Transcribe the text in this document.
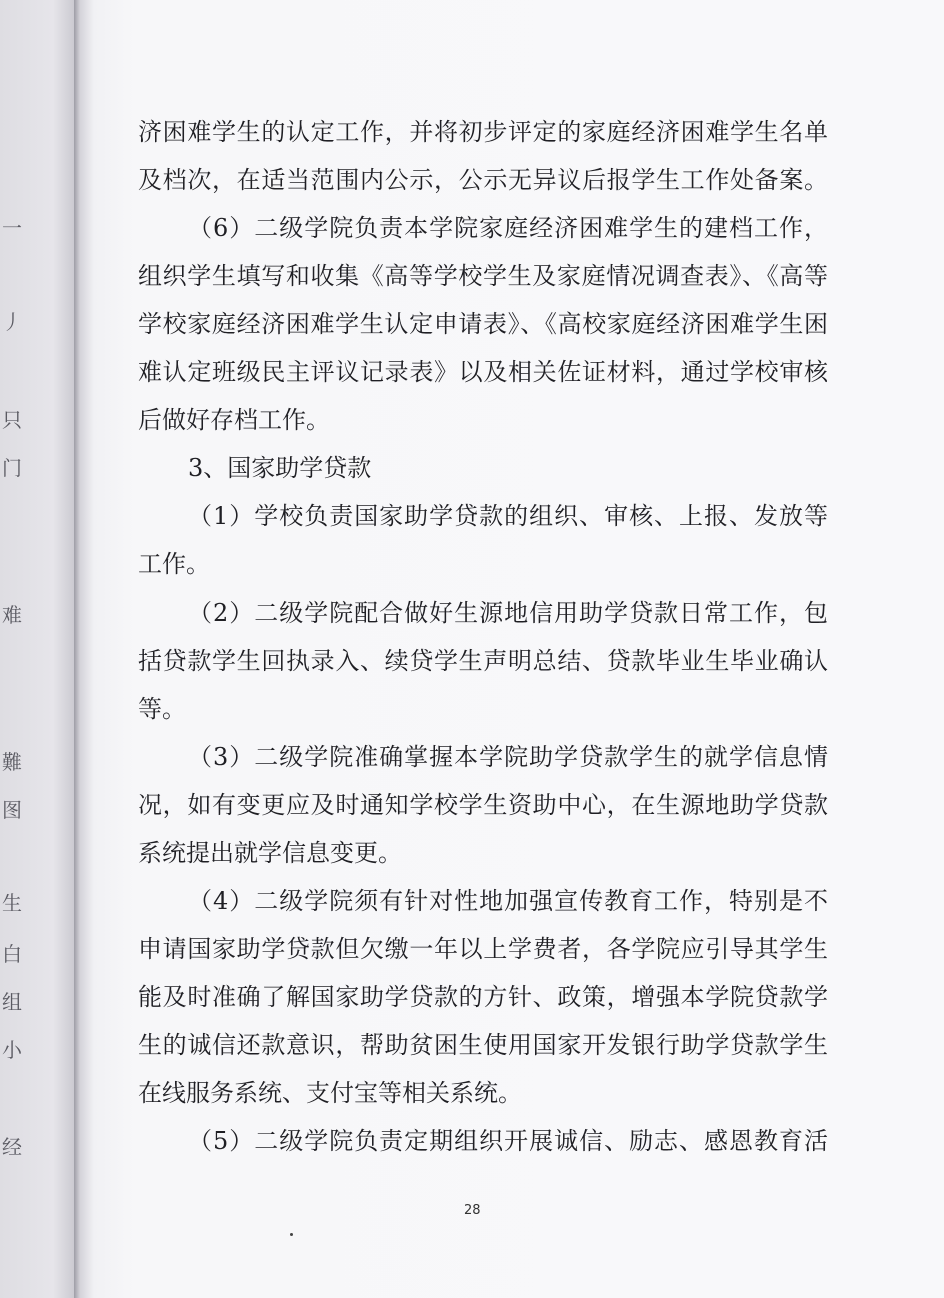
一
丿
只
门
难
難
图
生
白
组
小
经
济困难学生的认定工作，并将初步评定的家庭经济困难学生名单
及档次，在适当范围内公示，公示无异议后报学生工作处备案。
（6）二级学院负责本学院家庭经济困难学生的建档工作，
组织学生填写和收集《高等学校学生及家庭情况调查表》、《高等
学校家庭经济困难学生认定申请表》、《高校家庭经济困难学生困
难认定班级民主评议记录表》以及相关佐证材料，通过学校审核
后做好存档工作。
3、国家助学贷款
（1）学校负责国家助学贷款的组织、审核、上报、发放等
工作。
（2）二级学院配合做好生源地信用助学贷款日常工作，包
括贷款学生回执录入、续贷学生声明总结、贷款毕业生毕业确认
等。
（3）二级学院准确掌握本学院助学贷款学生的就学信息情
况，如有变更应及时通知学校学生资助中心，在生源地助学贷款
系统提出就学信息变更。
（4）二级学院须有针对性地加强宣传教育工作，特别是不
申请国家助学贷款但欠缴一年以上学费者，各学院应引导其学生
能及时准确了解国家助学贷款的方针、政策，增强本学院贷款学
生的诚信还款意识，帮助贫困生使用国家开发银行助学贷款学生
在线服务系统、支付宝等相关系统。
（5）二级学院负责定期组织开展诚信、励志、感恩教育活
28
